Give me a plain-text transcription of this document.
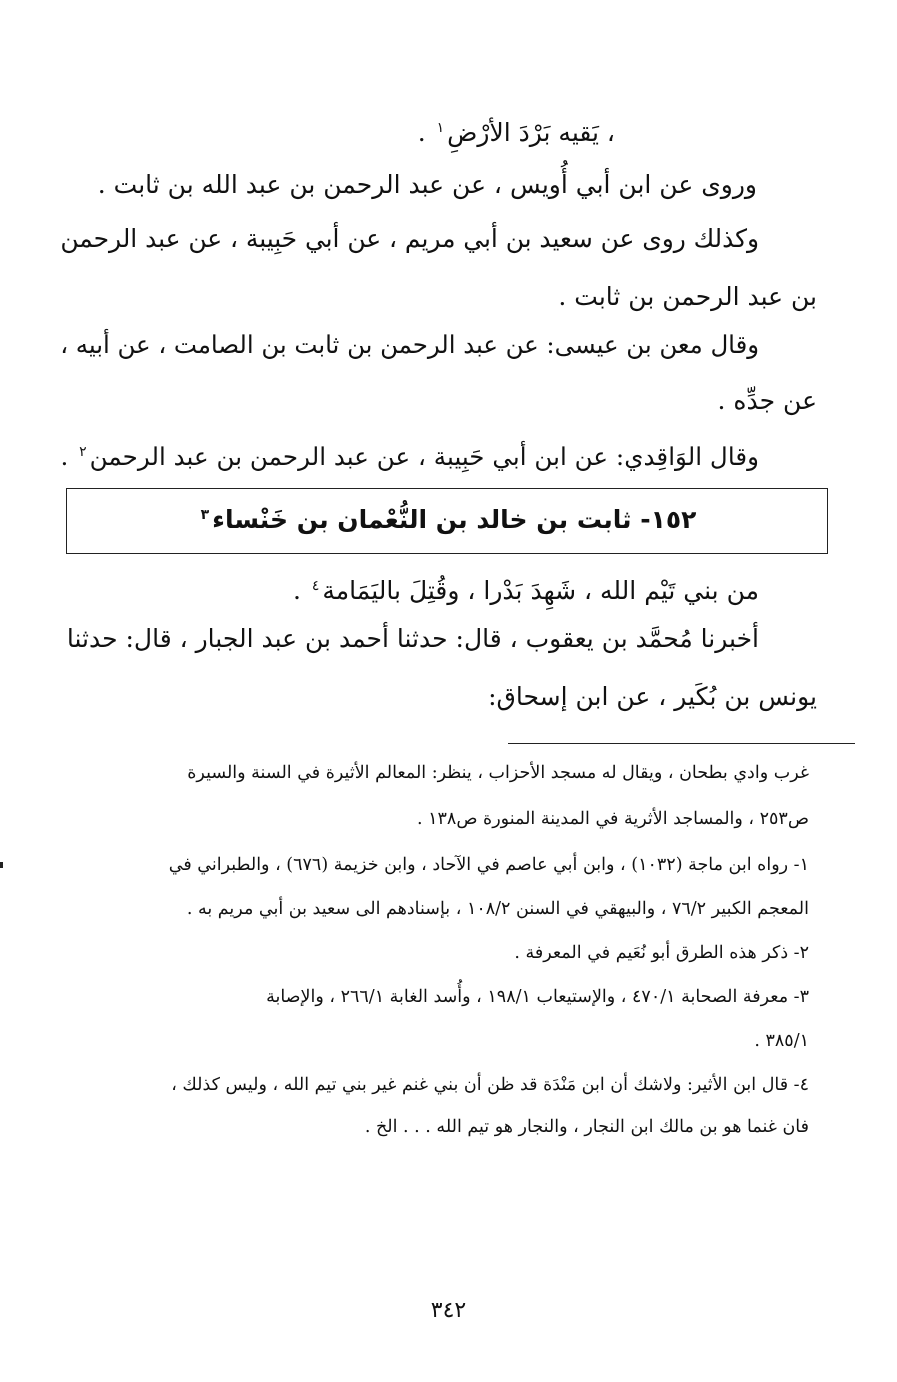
، يَقيه بَرْدَ الأرْضِ$^١$ .
وروى عن ابن أبي أُويس ، عن عبد الرحمن بن عبد الله بن ثابت .
وكذلك روى عن سعيد بن أبي مريم ، عن أبي حَبِيبة ، عن عبد الرحمن
بن عبد الرحمن بن ثابت .
وقال معن بن عيسى: عن عبد الرحمن بن ثابت بن الصامت ، عن أبيه ،
عن جدِّه .
وقال الوَاقِدي: عن ابن أبي حَبِيبة ، عن عبد الرحمن بن عبد الرحمن$^٢$ .
١٥٢- ثابت بن خالد بن النُّعْمان بن خَنْساء$^٣$
من بني تَيْم الله ، شَهِدَ بَدْرا ، وقُتِلَ باليَمَامة$^٤$ .
أخبرنا مُحمَّد بن يعقوب ، قال: حدثنا أحمد بن عبد الجبار ، قال: حدثنا
يونس بن بُكَير ، عن ابن إسحاق:
غرب وادي بطحان ، ويقال له مسجد الأحزاب ، ينظر: المعالم الأثيرة في السنة والسيرة
ص٢٥٣ ، والمساجد الأثرية في المدينة المنورة ص١٣٨ .
١- رواه ابن ماجة (١٠٣٢) ، وابن أبي عاصم في الآحاد ، وابن خزيمة (٦٧٦) ، والطبراني في
المعجم الكبير ٧٦/٢ ، والبيهقي في السنن ١٠٨/٢ ، بإسنادهم الى سعيد بن أبي مريم به .
٢- ذكر هذه الطرق أبو نُعَيم في المعرفة .
٣- معرفة الصحابة ٤٧٠/١ ، والإستيعاب ١٩٨/١ ، وأُسد الغابة ٢٦٦/١ ، والإصابة
٣٨٥/١ .
٤- قال ابن الأثير: ولاشك أن ابن مَنْدَة قد ظن أن بني غنم غير بني تيم الله ، وليس كذلك ،
فان غنما هو بن مالك ابن النجار ، والنجار هو تيم الله . . . الخ .
٣٤٢
